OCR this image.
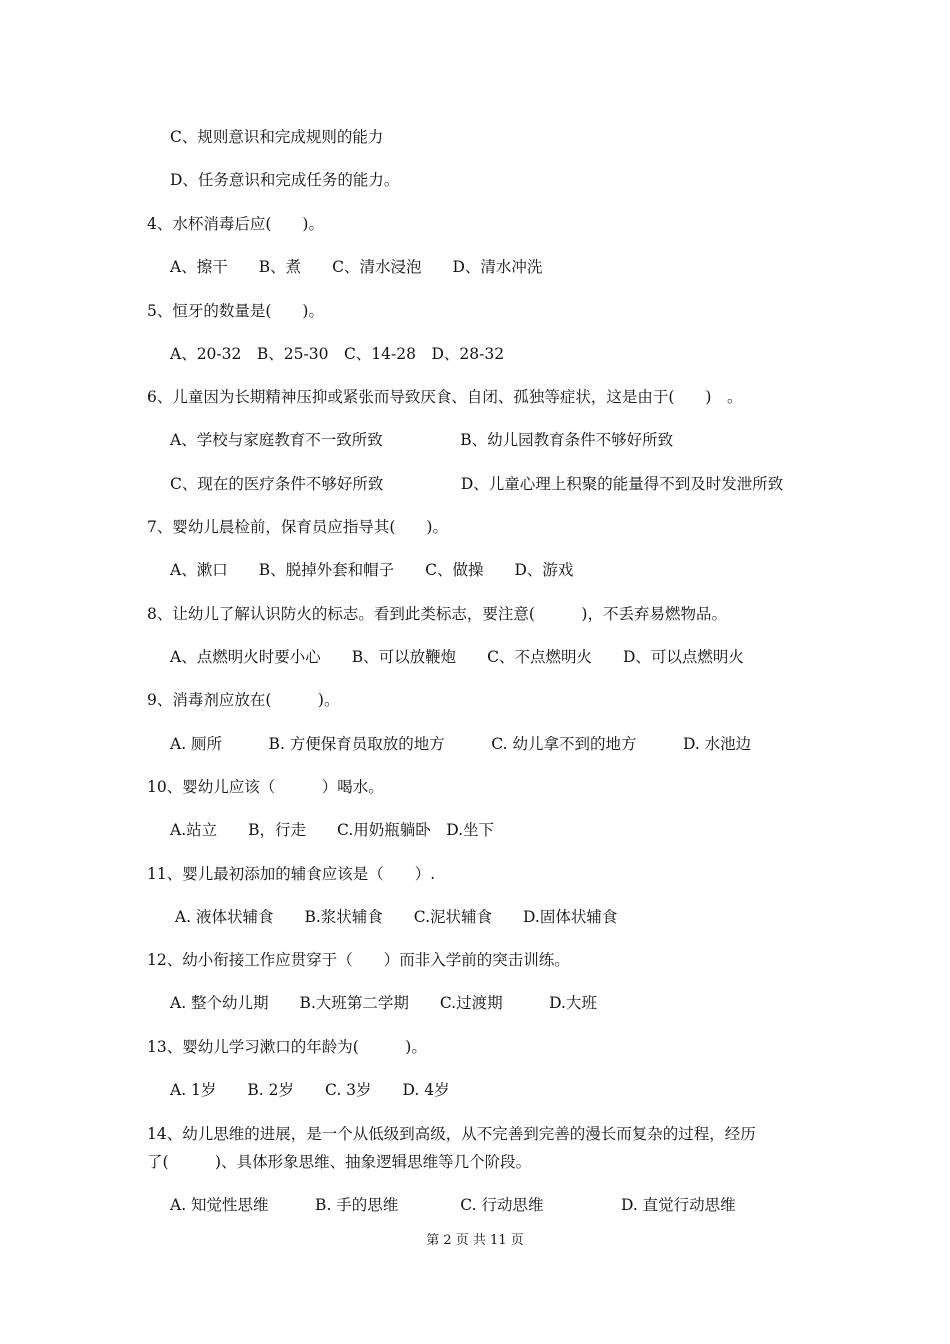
C、规则意识和完成规则的能力
D、任务意识和完成任务的能力。
4、水杯消毒后应(　　)。
A、擦干　　B、煮　　C、清水浸泡　　D、清水冲洗
5、恒牙的数量是(　　)。
A、20-32　B、25-30　C、14-28　D、28-32
6、儿童因为长期精神压抑或紧张而导致厌食、自闭、孤独等症状，这是由于(　　)　。
A、学校与家庭教育不一致所致　　　　　B、幼儿园教育条件不够好所致
C、现在的医疗条件不够好所致　　　　　D、儿童心理上积聚的能量得不到及时发泄所致
7、婴幼儿晨检前，保育员应指导其(　　)。
A、漱口　　B、脱掉外套和帽子　　C、做操　　D、游戏
8、让幼儿了解认识防火的标志。看到此类标志，要注意(　　　)，不丢弃易燃物品。
A、点燃明火时要小心　　B、可以放鞭炮　　C、不点燃明火　　D、可以点燃明火
9、消毒剂应放在(　　　)。
A. 厕所　　　B. 方便保育员取放的地方　　　C. 幼儿拿不到的地方　　　D. 水池边
10、婴幼儿应该（　　　）喝水。
A.站立　　B，行走　　C.用奶瓶躺卧　D.坐下
11、婴儿最初添加的辅食应该是（　　）.
A. 液体状辅食　　B.浆状辅食　　C.泥状辅食　　D.固体状辅食
12、幼小衔接工作应贯穿于（　　）而非入学前的突击训练。
A. 整个幼儿期　　B.大班第二学期　　C.过渡期　　　D.大班
13、婴幼儿学习漱口的年龄为(　　　)。
A. 1岁　　B. 2岁　　C. 3岁　　D. 4岁
14、幼儿思维的进展，是一个从低级到高级，从不完善到完善的漫长而复杂的过程，经历
了(　　　)、具体形象思维、抽象逻辑思维等几个阶段。
A. 知觉性思维　　　B. 手的思维　　　　C. 行动思维　　　　　D. 直觉行动思维
第 2 页 共 11 页
